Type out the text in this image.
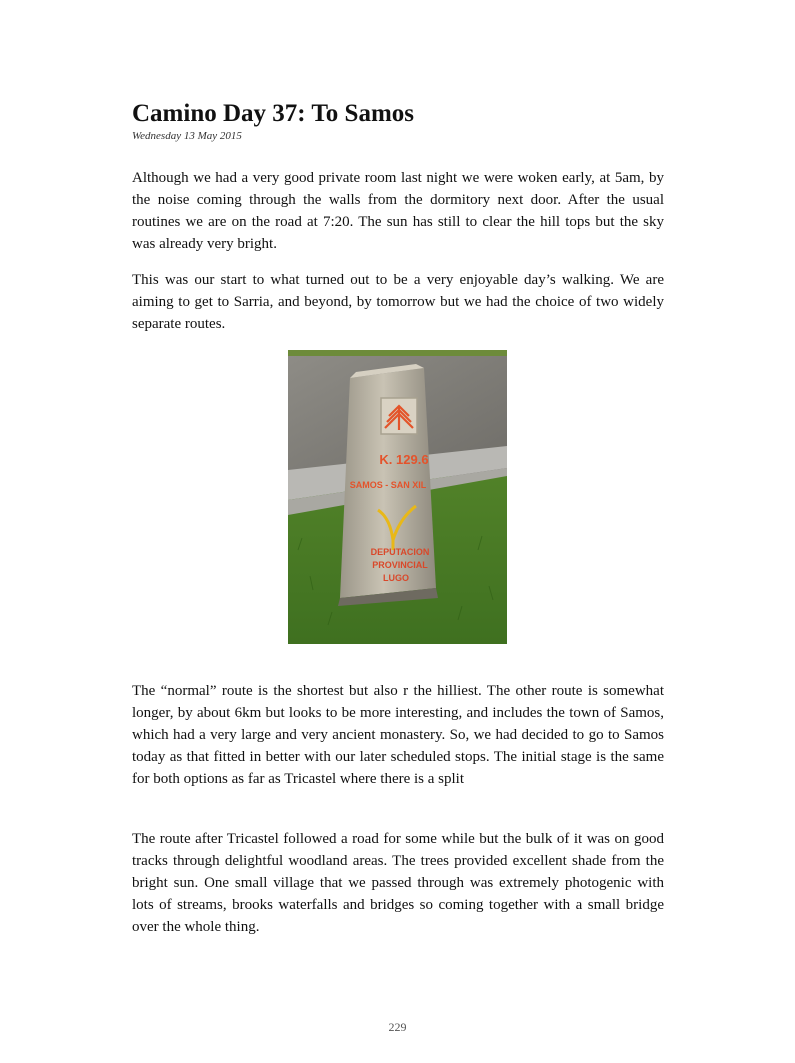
Camino Day 37: To Samos
Wednesday 13 May 2015

Although we had a very good private room last night we were woken early, at 5am, by the noise coming through the walls from the dormitory next door. After the usual routines we are on the road at 7:20. The sun has still to clear the hill tops but the sky was already very bright.

This was our start to what turned out to be a very enjoyable day’s walking. We are aiming to get to Sarria, and beyond, by tomorrow but we had the choice of two widely separate routes.

K. 129.6
SAMOS - SAN XIL
DEPUTACION
PROVINCIAL
LUGO

The “normal” route is the shortest but also r the hilliest. The other route is somewhat longer, by about 6km but looks to be more interesting, and includes the town of Samos, which had a very large and very ancient monastery. So, we had decided to go to Samos today as that fitted in better with our later scheduled stops. The initial stage is the same for both options as far as Tricastel where there is a split

The route after Tricastel followed a road for some while but the bulk of it was on good tracks through delightful woodland areas. The trees provided excellent shade from the bright sun. One small village that we passed through was extremely photogenic with lots of streams, brooks waterfalls and bridges so coming together with a small bridge over the whole thing.

229
